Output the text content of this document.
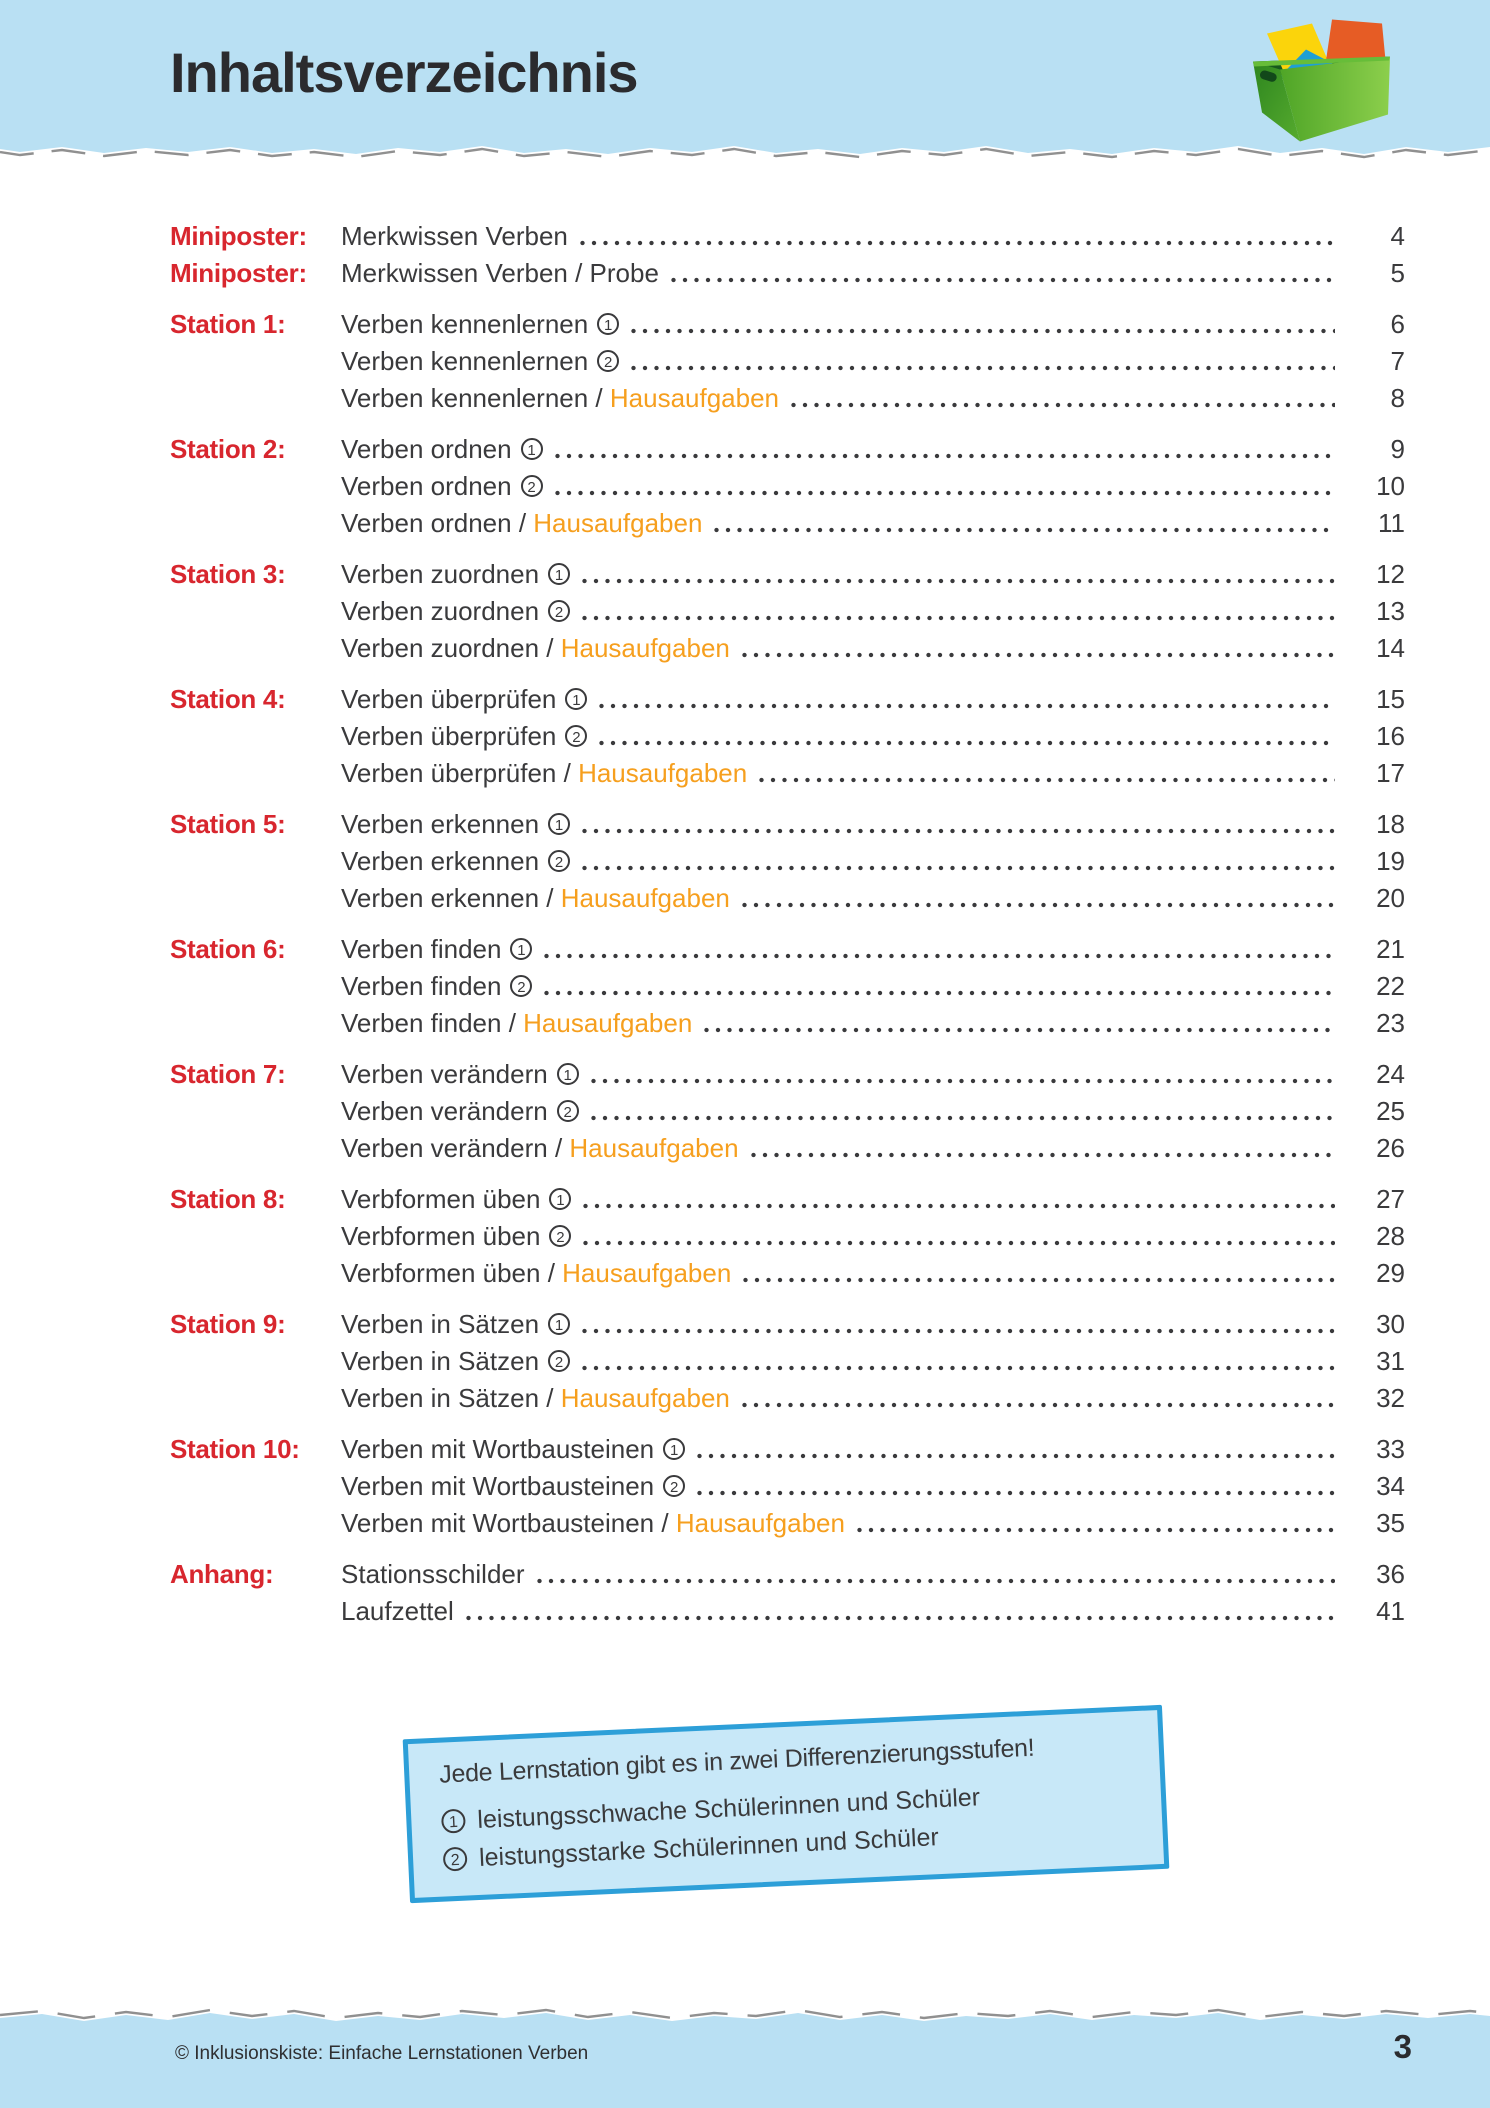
Inhaltsverzeichnis
Miniposter:	Merkwissen Verben	4
Miniposter:	Merkwissen Verben / Probe	5
Station 1:	Verben kennenlernen	1	6
Verben kennenlernen	2	7
Verben kennenlernen / Hausaufgaben	8
Station 2:	Verben ordnen	1	9
Verben ordnen	2	10
Verben ordnen / Hausaufgaben	11
Station 3:	Verben zuordnen	1	12
Verben zuordnen	2	13
Verben zuordnen / Hausaufgaben	14
Station 4:	Verben überprüfen	1	15
Verben überprüfen	2	16
Verben überprüfen / Hausaufgaben	17
Station 5:	Verben erkennen	1	18
Verben erkennen	2	19
Verben erkennen / Hausaufgaben	20
Station 6:	Verben finden	1	21
Verben finden	2	22
Verben finden / Hausaufgaben	23
Station 7:	Verben verändern	1	24
Verben verändern	2	25
Verben verändern / Hausaufgaben	26
Station 8:	Verbformen üben	1	27
Verbformen üben	2	28
Verbformen üben / Hausaufgaben	29
Station 9:	Verben in Sätzen	1	30
Verben in Sätzen	2	31
Verben in Sätzen / Hausaufgaben	32
Station 10:	Verben mit Wortbausteinen	1	33
Verben mit Wortbausteinen	2	34
Verben mit Wortbausteinen / Hausaufgaben	35
Anhang:	Stationsschilder	36
Laufzettel	41
Jede Lernstation gibt es in zwei Differenzierungsstufen!
1 leistungsschwache Schülerinnen und Schüler
2 leistungsstarke Schülerinnen und Schüler
© Inklusionskiste: Einfache Lernstationen Verben	3
